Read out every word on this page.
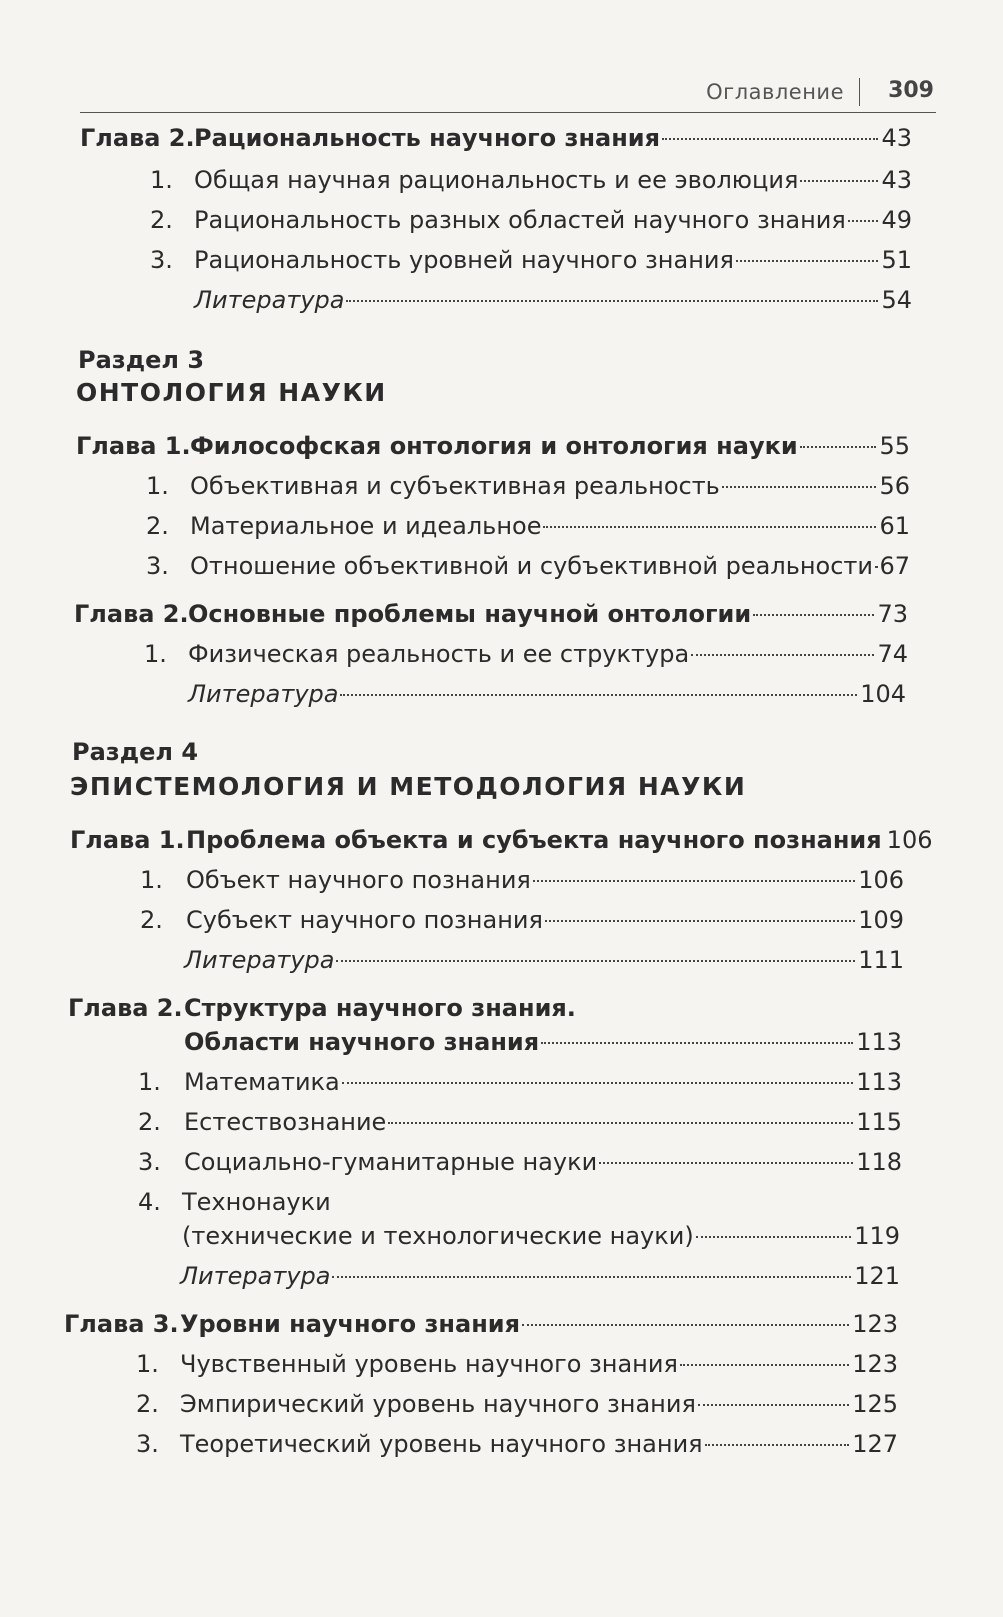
Оглавление 309
Глава 2. Рациональность научного знания	43
1. Общая научная рациональность и ее эволюция	43
2. Рациональность разных областей научного знания 49
3. Рациональность уровней научного знания	51
Литература	54
Раздел 3
ОНТОЛОГИЯ НАУКИ
Глава 1. Философская онтология и онтология науки	55
1. Объективная и субъективная реальность	56
2. Материальное и идеальное	61
3. Отношение объективной и субъективной реальности 67
Глава 2. Основные проблемы научной онтологии	73
1. Физическая реальность и ее структура	74
Литература	104
Раздел 4
ЭПИСТЕМОЛОГИЯ И МЕТОДОЛОГИЯ НАУКИ
Глава 1. Проблема объекта и субъекта научного познания 106
1. Объект научного познания	106
2. Субъект научного познания	109
Литература	111
Глава 2. Структура научного знания.
Области научного знания	113
1. Математика	113
2. Естествознание	115
3. Социально-гуманитарные науки	118
4. Технонауки
(технические и технологические науки)	119
Литература	121
Глава 3. Уровни научного знания	123
1. Чувственный уровень научного знания	123
2. Эмпирический уровень научного знания	125
3. Теоретический уровень научного знания	127
